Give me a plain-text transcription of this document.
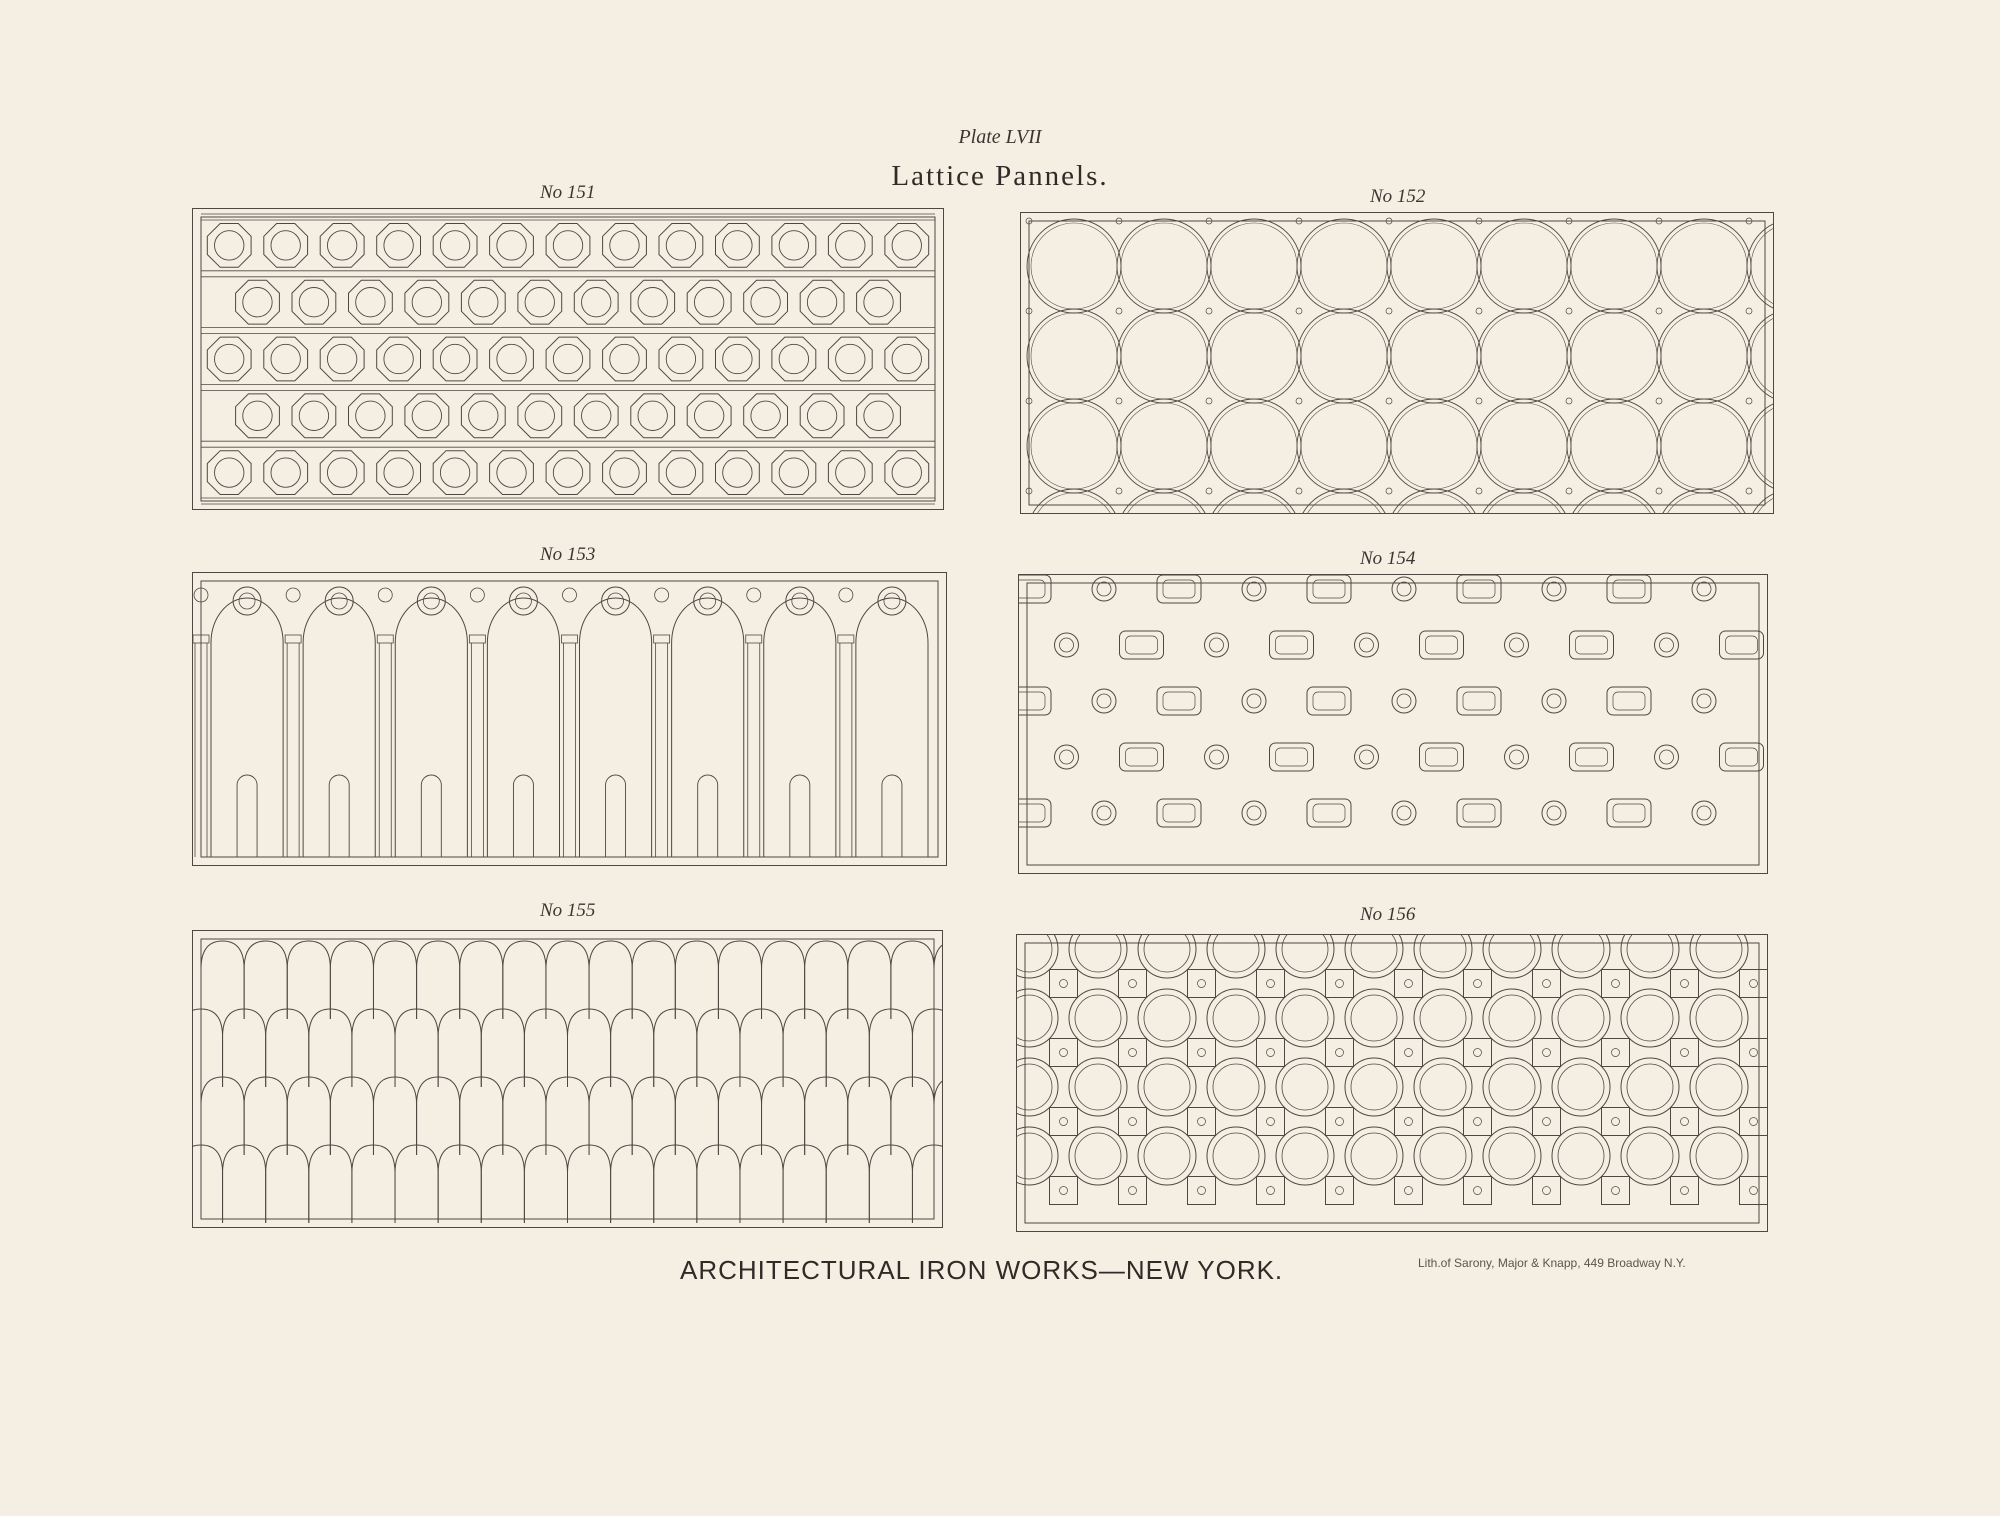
Plate LVII
Lattice Pannels.
No 151	No 152
No 153	No 154
No 155	No 156
ARCHITECTURAL IRON WORKS—NEW YORK.	Lith.of Sarony, Major & Knapp, 449 Broadway N.Y.
